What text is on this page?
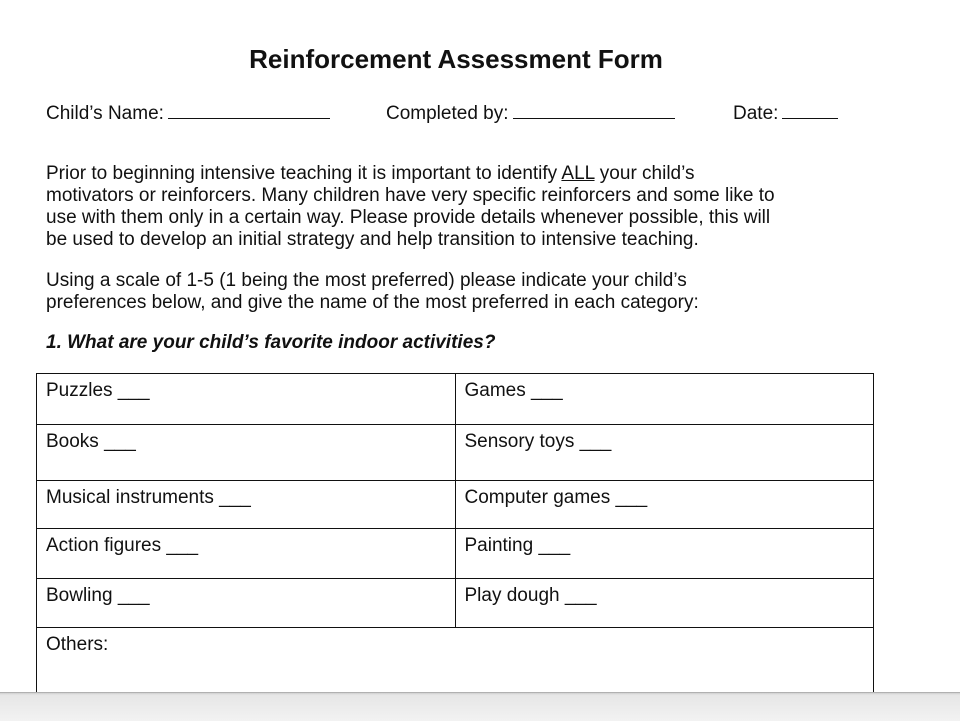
Reinforcement Assessment Form
Child’s Name:	Completed by:	Date:

Prior to beginning intensive teaching it is important to identify ALL your child’s
motivators or reinforcers. Many children have very specific reinforcers and some like to
use with them only in a certain way. Please provide details whenever possible, this will
be used to develop an initial strategy and help transition to intensive teaching.

Using a scale of 1-5 (1 being the most preferred) please indicate your child’s
preferences below, and give the name of the most preferred in each category:

1. What are your child’s favorite indoor activities?

Puzzles ___	Games ___
Books ___	Sensory toys ___
Musical instruments ___	Computer games ___
Action figures ___	Painting ___
Bowling ___	Play dough ___
Others:	
